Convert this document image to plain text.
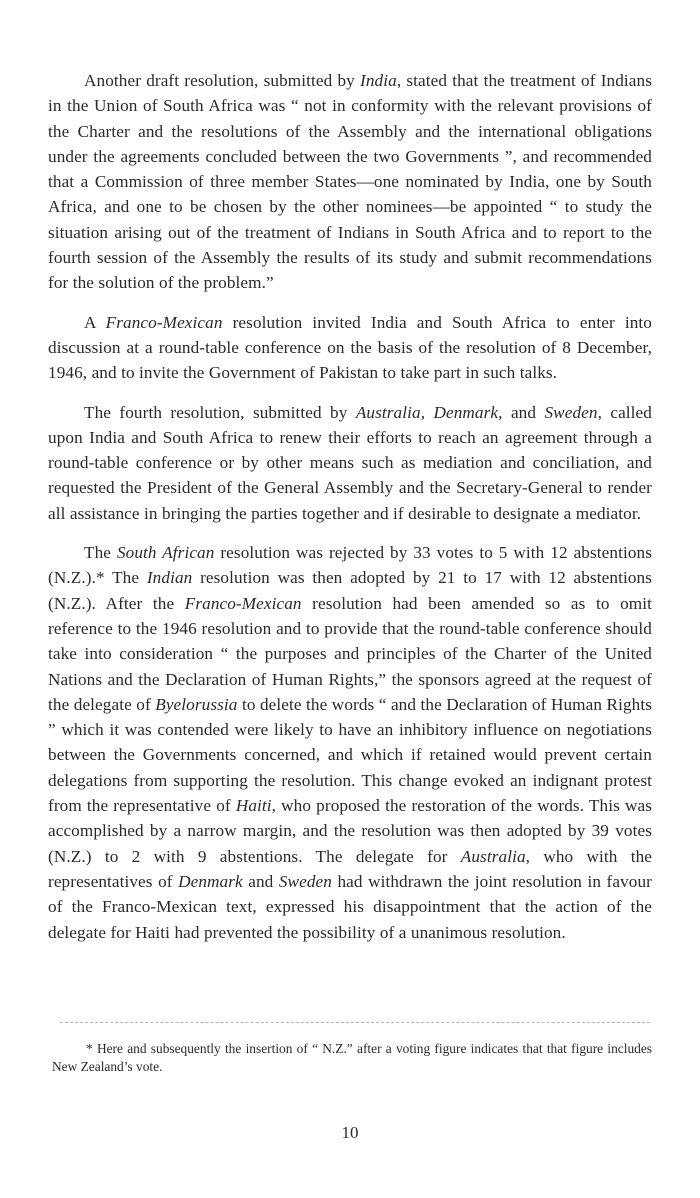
Another draft resolution, submitted by India, stated that the treatment of Indians in the Union of South Africa was “ not in conformity with the relevant provisions of the Charter and the resolutions of the Assembly and the international obligations under the agreements concluded between the two Governments ”, and recommended that a Commission of three member States—one nominated by India, one by South Africa, and one to be chosen by the other nominees—be appointed “ to study the situation arising out of the treatment of Indians in South Africa and to report to the fourth session of the Assembly the results of its study and submit recommendations for the solution of the problem.”

A Franco-Mexican resolution invited India and South Africa to enter into discussion at a round-table conference on the basis of the resolution of 8 December, 1946, and to invite the Government of Pakistan to take part in such talks.

The fourth resolution, submitted by Australia, Denmark, and Sweden, called upon India and South Africa to renew their efforts to reach an agreement through a round-table conference or by other means such as mediation and conciliation, and requested the President of the General Assembly and the Secretary-General to render all assistance in bringing the parties together and if desirable to designate a mediator.

The South African resolution was rejected by 33 votes to 5 with 12 abstentions (N.Z.).* The Indian resolution was then adopted by 21 to 17 with 12 abstentions (N.Z.). After the Franco-Mexican resolution had been amended so as to omit reference to the 1946 resolution and to provide that the round-table conference should take into consideration “ the purposes and principles of the Charter of the United Nations and the Declaration of Human Rights,” the sponsors agreed at the request of the delegate of Byelorussia to delete the words “ and the Declaration of Human Rights ” which it was contended were likely to have an inhibitory influence on negotiations between the Governments concerned, and which if retained would prevent certain delegations from supporting the resolution. This change evoked an indignant protest from the representative of Haiti, who proposed the restoration of the words. This was accomplished by a narrow margin, and the resolution was then adopted by 39 votes (N.Z.) to 2 with 9 abstentions. The delegate for Australia, who with the representatives of Denmark and Sweden had withdrawn the joint resolution in favour of the Franco-Mexican text, expressed his disappointment that the action of the delegate for Haiti had prevented the possibility of a unanimous resolution.

* Here and subsequently the insertion of “ N.Z.” after a voting figure indicates that that figure includes New Zealand’s vote.

10
